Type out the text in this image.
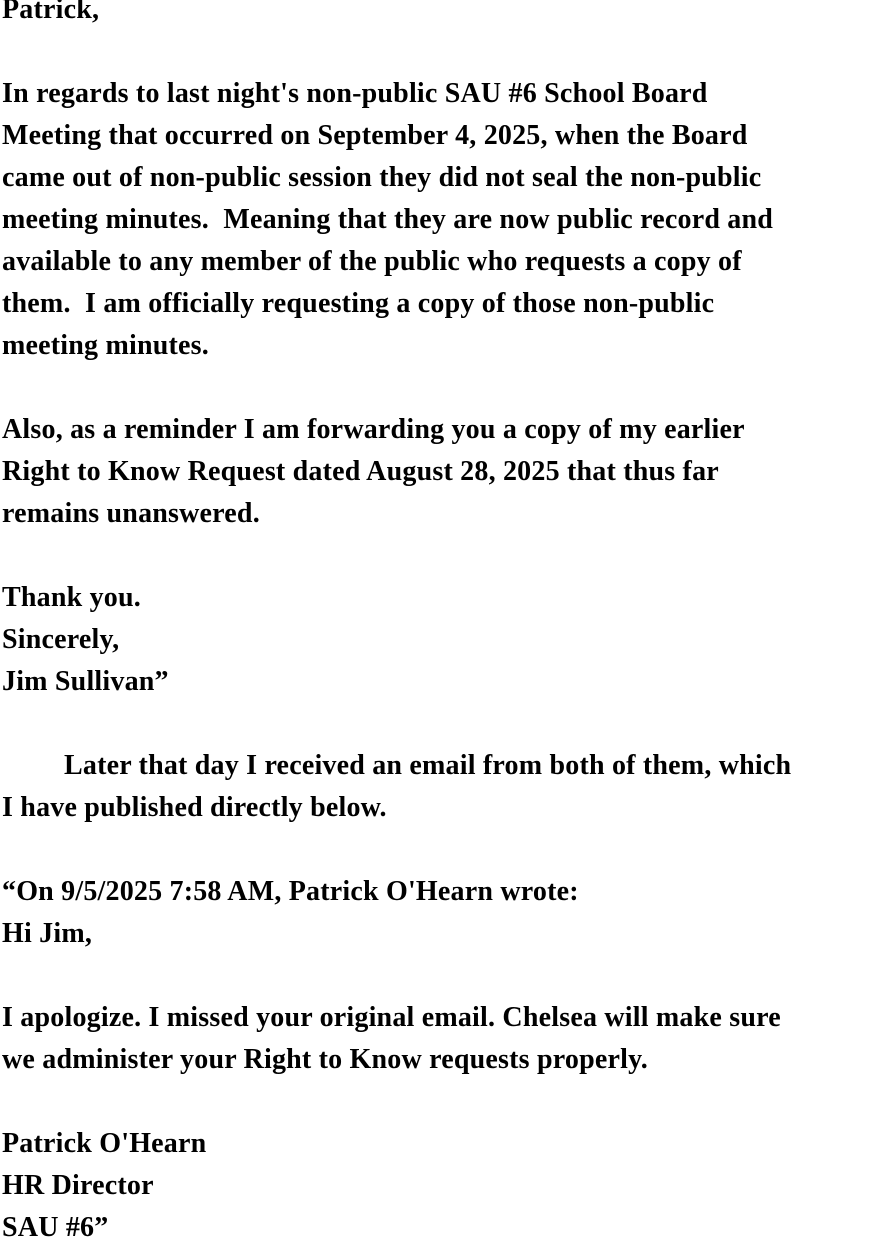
Patrick,
In regards to last night's non-public SAU #6 School Board
Meeting that occurred on September 4, 2025, when the Board
came out of non-public session they did not seal the non-public
meeting minutes.  Meaning that they are now public record and
available to any member of the public who requests a copy of
them.  I am officially requesting a copy of those non-public
meeting minutes.
Also, as a reminder I am forwarding you a copy of my earlier
Right to Know Request dated August 28, 2025 that thus far
remains unanswered.
Thank you.
Sincerely,
Jim Sullivan”
Later that day I received an email from both of them, which
I have published directly below.
“On 9/5/2025 7:58 AM, Patrick O'Hearn wrote:
Hi Jim,
I apologize. I missed your original email. Chelsea will make sure
we administer your Right to Know requests properly.
Patrick O'Hearn
HR Director
SAU #6”
